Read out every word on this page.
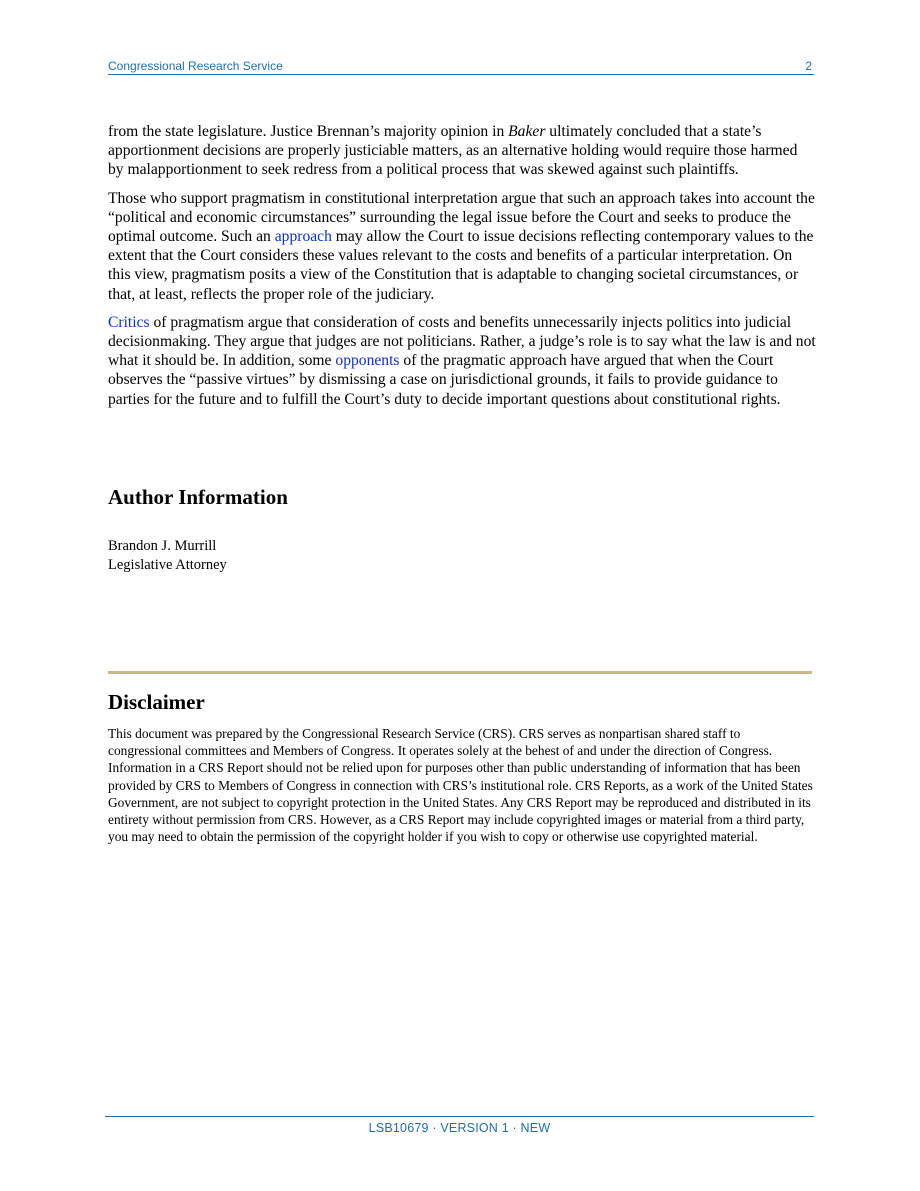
Congressional Research Service	2

from the state legislature. Justice Brennan’s majority opinion in Baker ultimately concluded that a state’s apportionment decisions are properly justiciable matters, as an alternative holding would require those harmed by malapportionment to seek redress from a political process that was skewed against such plaintiffs.

Those who support pragmatism in constitutional interpretation argue that such an approach takes into account the “political and economic circumstances” surrounding the legal issue before the Court and seeks to produce the optimal outcome. Such an approach may allow the Court to issue decisions reflecting contemporary values to the extent that the Court considers these values relevant to the costs and benefits of a particular interpretation. On this view, pragmatism posits a view of the Constitution that is adaptable to changing societal circumstances, or that, at least, reflects the proper role of the judiciary.

Critics of pragmatism argue that consideration of costs and benefits unnecessarily injects politics into judicial decisionmaking. They argue that judges are not politicians. Rather, a judge’s role is to say what the law is and not what it should be. In addition, some opponents of the pragmatic approach have argued that when the Court observes the “passive virtues” by dismissing a case on jurisdictional grounds, it fails to provide guidance to parties for the future and to fulfill the Court’s duty to decide important questions about constitutional rights.

Author Information
Brandon J. Murrill
Legislative Attorney
Disclaimer
This document was prepared by the Congressional Research Service (CRS). CRS serves as nonpartisan shared staff to congressional committees and Members of Congress. It operates solely at the behest of and under the direction of Congress. Information in a CRS Report should not be relied upon for purposes other than public understanding of information that has been provided by CRS to Members of Congress in connection with CRS’s institutional role. CRS Reports, as a work of the United States Government, are not subject to copyright protection in the United States. Any CRS Report may be reproduced and distributed in its entirety without permission from CRS. However, as a CRS Report may include copyrighted images or material from a third party, you may need to obtain the permission of the copyright holder if you wish to copy or otherwise use copyrighted material.
LSB10679 · VERSION 1 · NEW
